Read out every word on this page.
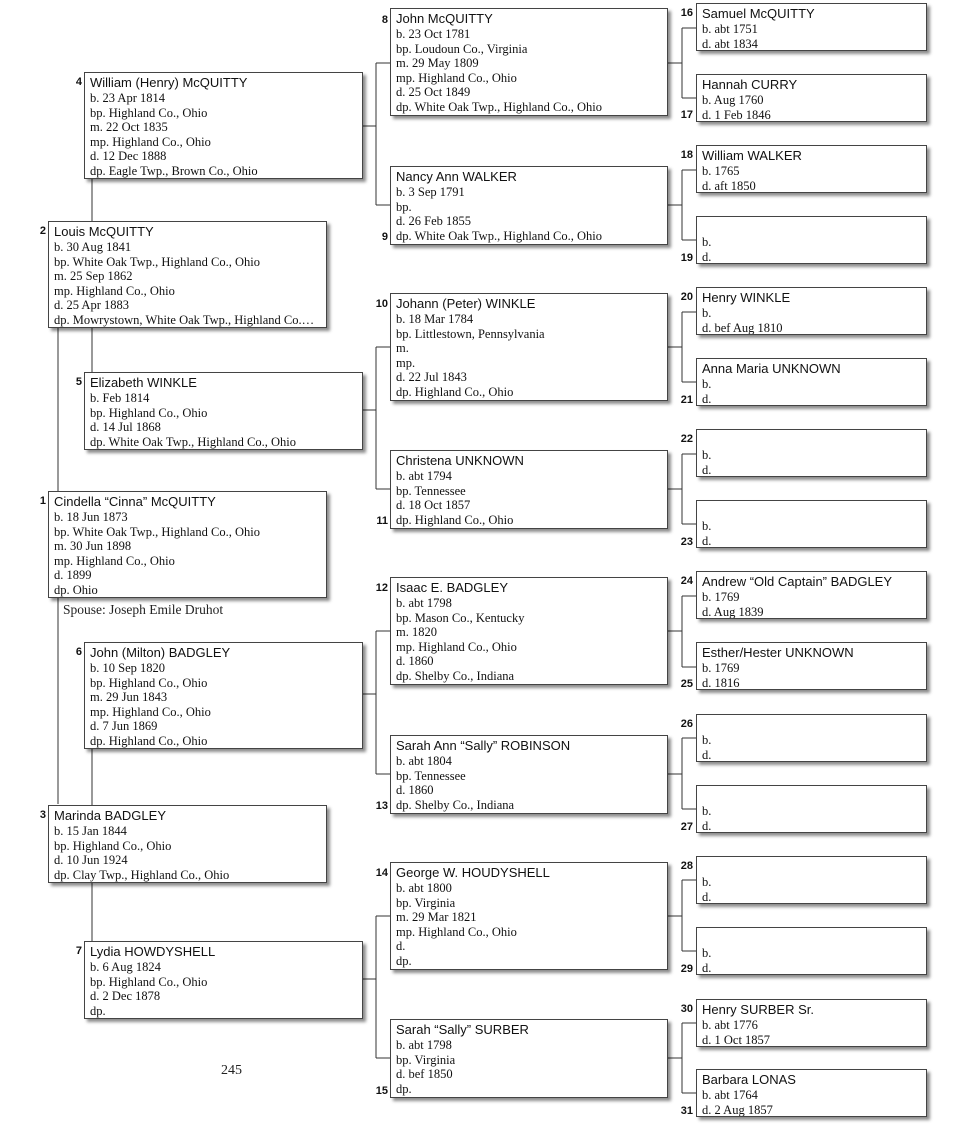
1 Cindella “Cinna” McQUITTY
b. 18 Jun 1873
bp. White Oak Twp., Highland Co., Ohio
m. 30 Jun 1898
mp. Highland Co., Ohio
d. 1899
dp. Ohio
Spouse: Joseph Emile Druhot
2 Louis McQUITTY
b. 30 Aug 1841
bp. White Oak Twp., Highland Co., Ohio
m. 25 Sep 1862
mp. Highland Co., Ohio
d. 25 Apr 1883
dp. Mowrystown, White Oak Twp., Highland Co.…
3 Marinda BADGLEY
b. 15 Jan 1844
bp. Highland Co., Ohio
d. 10 Jun 1924
dp. Clay Twp., Highland Co., Ohio
4 William (Henry) McQUITTY
b. 23 Apr 1814
bp. Highland Co., Ohio
m. 22 Oct 1835
mp. Highland Co., Ohio
d. 12 Dec 1888
dp. Eagle Twp., Brown Co., Ohio
5 Elizabeth WINKLE
b. Feb 1814
bp. Highland Co., Ohio
d. 14 Jul 1868
dp. White Oak Twp., Highland Co., Ohio
6 John (Milton) BADGLEY
b. 10 Sep 1820
bp. Highland Co., Ohio
m. 29 Jun 1843
mp. Highland Co., Ohio
d. 7 Jun 1869
dp. Highland Co., Ohio
7 Lydia HOWDYSHELL
b. 6 Aug 1824
bp. Highland Co., Ohio
d. 2 Dec 1878
dp.
8 John McQUITTY
b. 23 Oct 1781
bp. Loudoun Co., Virginia
m. 29 May 1809
mp. Highland Co., Ohio
d. 25 Oct 1849
dp. White Oak Twp., Highland Co., Ohio
9
Nancy Ann WALKER
b. 3 Sep 1791
bp.
d. 26 Feb 1855
dp. White Oak Twp., Highland Co., Ohio
10 Johann (Peter) WINKLE
b. 18 Mar 1784
bp. Littlestown, Pennsylvania
m.
mp.
d. 22 Jul 1843
dp. Highland Co., Ohio
11
Christena UNKNOWN
b. abt 1794
bp. Tennessee
d. 18 Oct 1857
dp. Highland Co., Ohio
12 Isaac E. BADGLEY
b. abt 1798
bp. Mason Co., Kentucky
m. 1820
mp. Highland Co., Ohio
d. 1860
dp. Shelby Co., Indiana
13
Sarah Ann “Sally” ROBINSON
b. abt 1804
bp. Tennessee
d. 1860
dp. Shelby Co., Indiana
14 George W. HOUDYSHELL
b. abt 1800
bp. Virginia
m. 29 Mar 1821
mp. Highland Co., Ohio
d.
dp.
15
Sarah “Sally” SURBER
b. abt 1798
bp. Virginia
d. bef 1850
dp.
16 Samuel McQUITTY
b. abt 1751
d. abt 1834
17
Hannah CURRY
b. Aug 1760
d. 1 Feb 1846
18 William WALKER
b. 1765
d. aft 1850
19
b.
d.
20 Henry WINKLE
b.
d. bef Aug 1810
21
Anna Maria UNKNOWN
b.
d.
22
b.
d.
23
b.
d.
24 Andrew “Old Captain” BADGLEY
b. 1769
d. Aug 1839
25
Esther/Hester UNKNOWN
b. 1769
d. 1816
26
b.
d.
27
b.
d.
28
b.
d.
29
b.
d.
30 Henry SURBER Sr.
b. abt 1776
d. 1 Oct 1857
31
Barbara LONAS
b. abt 1764
d. 2 Aug 1857
245
